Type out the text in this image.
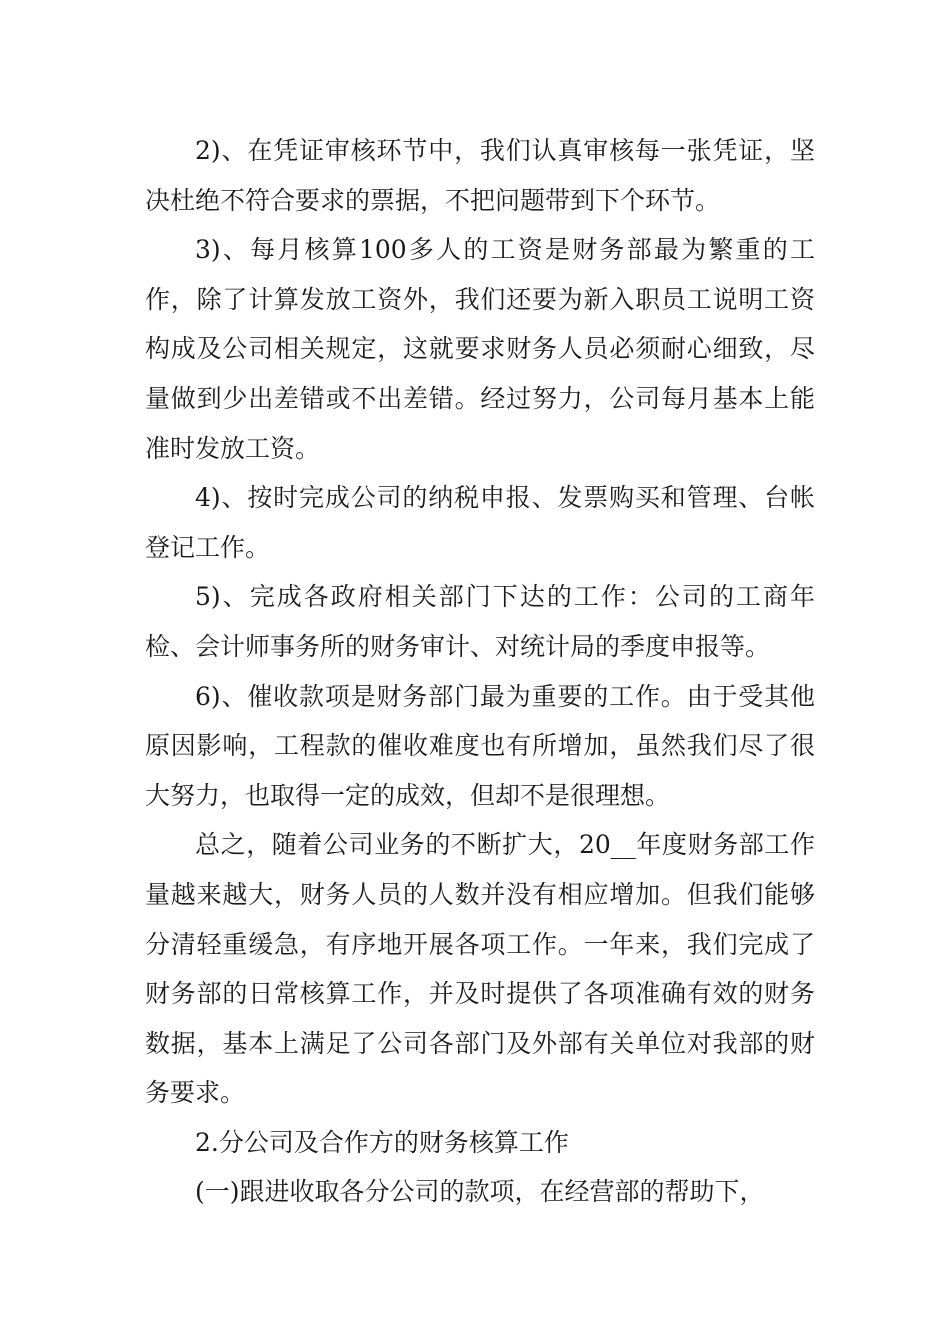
2)、在凭证审核环节中，我们认真审核每一张凭证，坚决杜绝不符合要求的票据，不把问题带到下个环节。

3)、每月核算100多人的工资是财务部最为繁重的工作，除了计算发放工资外，我们还要为新入职员工说明工资构成及公司相关规定，这就要求财务人员必须耐心细致，尽量做到少出差错或不出差错。经过努力，公司每月基本上能准时发放工资。

4)、按时完成公司的纳税申报、发票购买和管理、台帐登记工作。

5)、完成各政府相关部门下达的工作：公司的工商年检、会计师事务所的财务审计、对统计局的季度申报等。

6)、催收款项是财务部门最为重要的工作。由于受其他原因影响，工程款的催收难度也有所增加，虽然我们尽了很大努力，也取得一定的成效，但却不是很理想。

总之，随着公司业务的不断扩大，20__年度财务部工作量越来越大，财务人员的人数并没有相应增加。但我们能够分清轻重缓急，有序地开展各项工作。一年来，我们完成了财务部的日常核算工作，并及时提供了各项准确有效的财务数据，基本上满足了公司各部门及外部有关单位对我部的财务要求。

2.分公司及合作方的财务核算工作

(一)跟进收取各分公司的款项，在经营部的帮助下，
